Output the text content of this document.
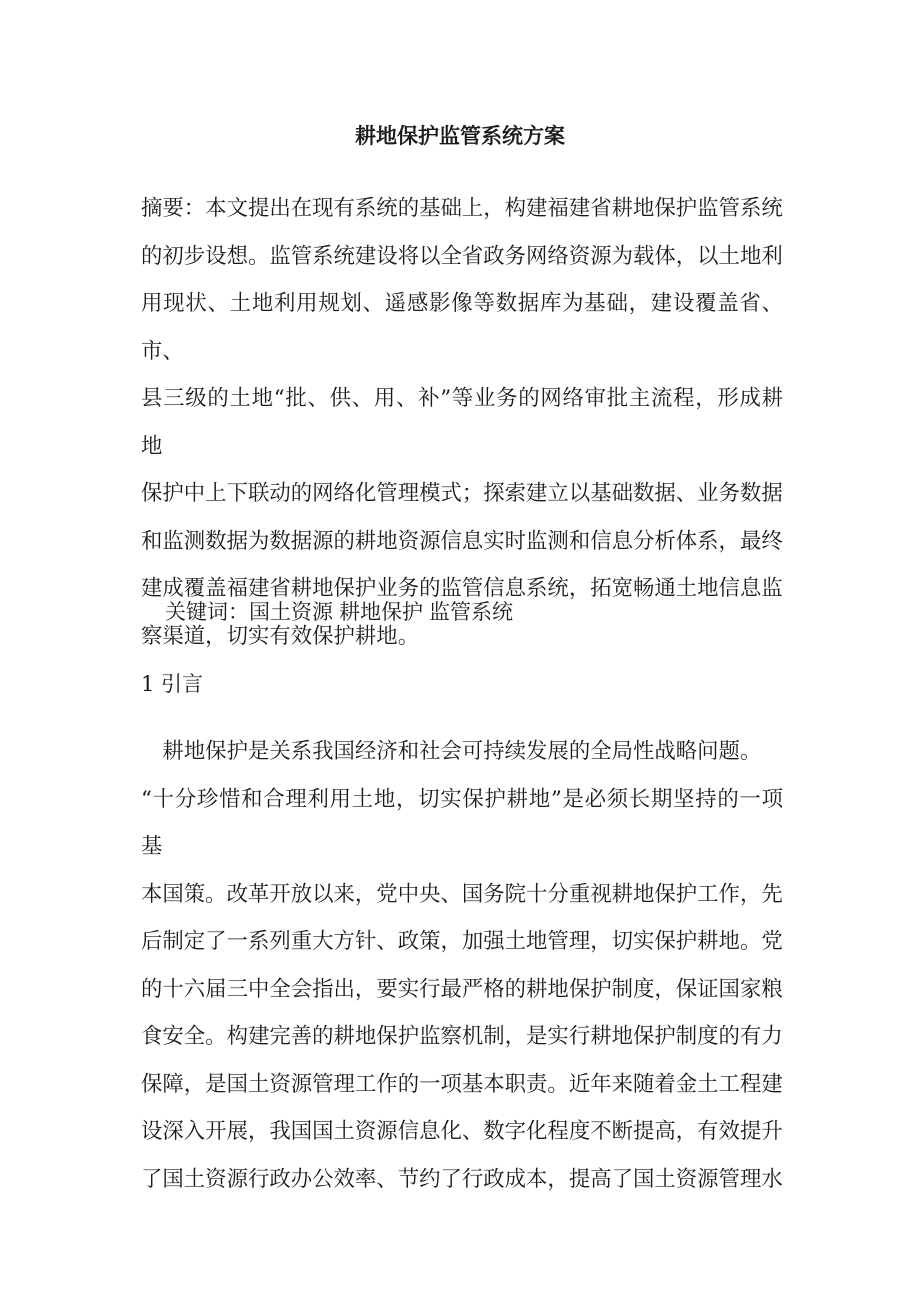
耕地保护监管系统方案
摘要：本文提出在现有系统的基础上，构建福建省耕地保护监管系统
的初步设想。监管系统建设将以全省政务网络资源为载体，以土地利
用现状、土地利用规划、遥感影像等数据库为基础，建设覆盖省、市、
县三级的土地“批、供、用、补”等业务的网络审批主流程，形成耕地
保护中上下联动的网络化管理模式；探索建立以基础数据、业务数据
和监测数据为数据源的耕地资源信息实时监测和信息分析体系，最终
建成覆盖福建省耕地保护业务的监管信息系统，拓宽畅通土地信息监
察渠道，切实有效保护耕地。

关键词：国土资源 耕地保护 监管系统

1 引言
　耕地保护是关系我国经济和社会可持续发展的全局性战略问题。
“十分珍惜和合理利用土地，切实保护耕地”是必须长期坚持的一项基
本国策。改革开放以来，党中央、国务院十分重视耕地保护工作，先
后制定了一系列重大方针、政策，加强土地管理，切实保护耕地。党
的十六届三中全会指出，要实行最严格的耕地保护制度，保证国家粮
食安全。构建完善的耕地保护监察机制，是实行耕地保护制度的有力
保障，是国土资源管理工作的一项基本职责。近年来随着金土工程建
设深入开展，我国国土资源信息化、数字化程度不断提高，有效提升
了国土资源行政办公效率、节约了行政成本，提高了国土资源管理水
